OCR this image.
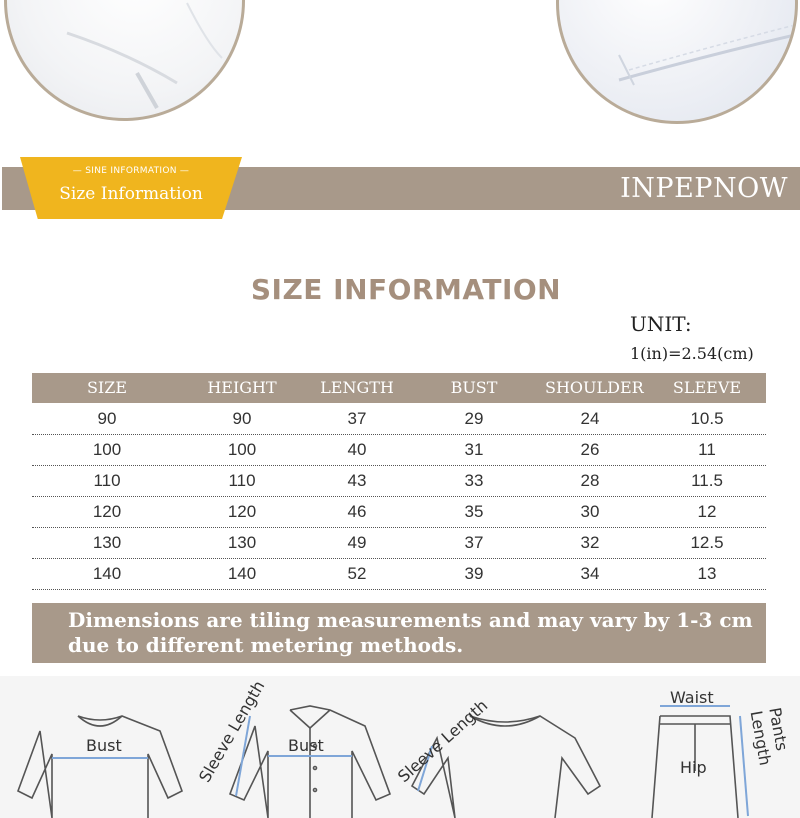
— SINE INFORMATION —
Size Information	INPEPNOW
SIZE INFORMATION
UNIT:
1(in)=2.54(cm)
SIZE	HEIGHT	LENGTH	BUST	SHOULDER	SLEEVE
90	90	37	29	24	10.5
100	100	40	31	26	11
110	110	43	33	28	11.5
120	120	46	35	30	12
130	130	49	37	32	12.5
140	140	52	39	34	13
Dimensions are tiling measurements and may vary by 1-3 cm
due to different metering methods.
Bust	Sleeve Length Bust	Sleeve Length	Waist
Hip
Pants Length
